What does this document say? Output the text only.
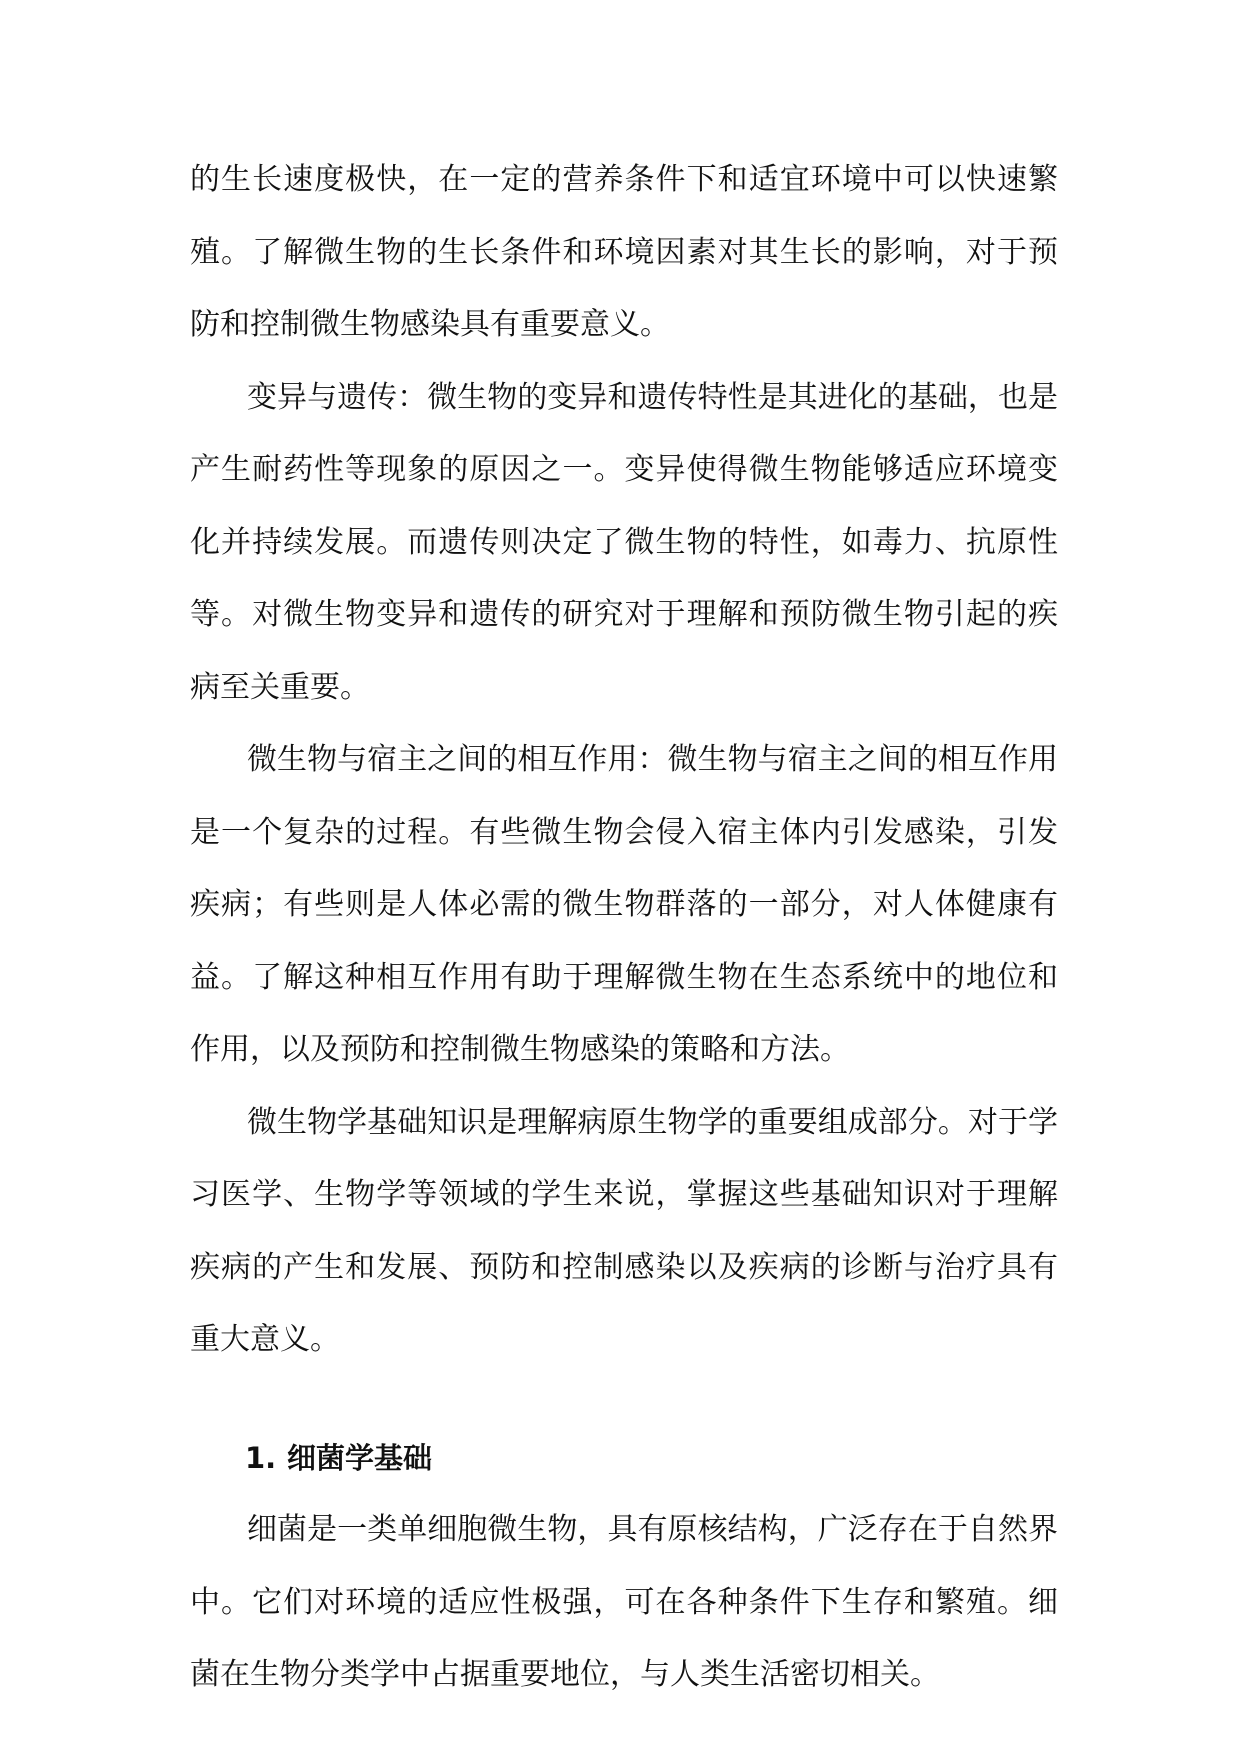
的生长速度极快，在一定的营养条件下和适宜环境中可以快速繁殖。了解微生物的生长条件和环境因素对其生长的影响，对于预防和控制微生物感染具有重要意义。

变异与遗传：微生物的变异和遗传特性是其进化的基础，也是产生耐药性等现象的原因之一。变异使得微生物能够适应环境变化并持续发展。而遗传则决定了微生物的特性，如毒力、抗原性等。对微生物变异和遗传的研究对于理解和预防微生物引起的疾病至关重要。

微生物与宿主之间的相互作用：微生物与宿主之间的相互作用是一个复杂的过程。有些微生物会侵入宿主体内引发感染，引发疾病；有些则是人体必需的微生物群落的一部分，对人体健康有益。了解这种相互作用有助于理解微生物在生态系统中的地位和作用，以及预防和控制微生物感染的策略和方法。

微生物学基础知识是理解病原生物学的重要组成部分。对于学习医学、生物学等领域的学生来说，掌握这些基础知识对于理解疾病的产生和发展、预防和控制感染以及疾病的诊断与治疗具有重大意义。

1. 细菌学基础

细菌是一类单细胞微生物，具有原核结构，广泛存在于自然界中。它们对环境的适应性极强，可在各种条件下生存和繁殖。细菌在生物分类学中占据重要地位，与人类生活密切相关。
